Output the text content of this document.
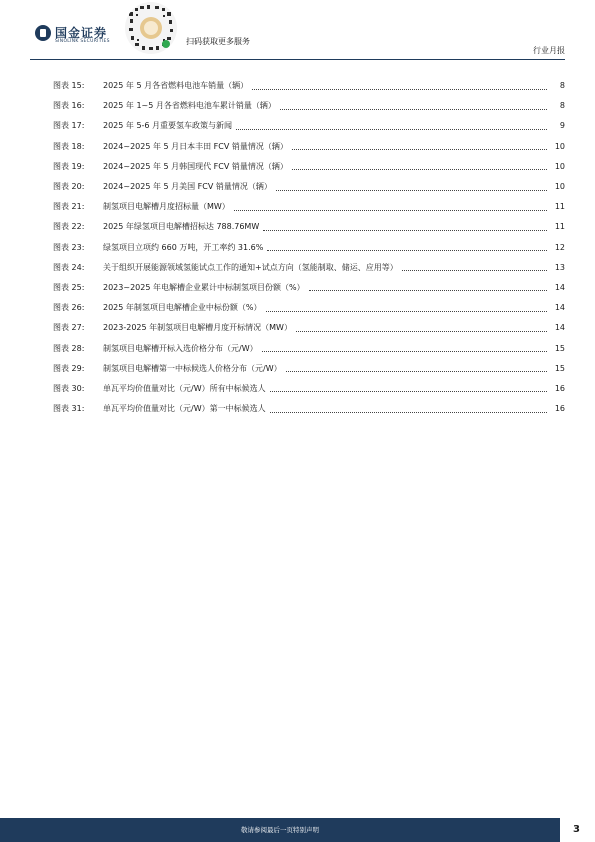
国金证券
SINOLINK SECURITIES	扫码获取更多服务
行业月报
图表 15:	2025 年 5 月各省燃料电池车销量（辆）	8
图表 16:	2025 年 1~5 月各省燃料电池车累计销量（辆）	8
图表 17:	2025 年 5-6 月重要氢车政策与新闻	9
图表 18:	2024~2025 年 5 月日本丰田 FCV 销量情况（辆）	10
图表 19:	2024~2025 年 5 月韩国现代 FCV 销量情况（辆）	10
图表 20:	2024~2025 年 5 月美国 FCV 销量情况（辆）	10
图表 21:	制氢项目电解槽月度招标量（MW）	11
图表 22:	2025 年绿氢项目电解槽招标达 788.76MW	11
图表 23:	绿氢项目立项约 660 万吨，开工率约 31.6%	12
图表 24:	关于组织开展能源领域氢能试点工作的通知+试点方向（氢能制取、储运、应用等）	13
图表 25:	2023~2025 年电解槽企业累计中标制氢项目份额（%）	14
图表 26:	2025 年制氢项目电解槽企业中标份额（%）	14
图表 27:	2023-2025 年制氢项目电解槽月度开标情况（MW）	14
图表 28:	制氢项目电解槽开标入选价格分布（元/W）	15
图表 29:	制氢项目电解槽第一中标候选人价格分布（元/W）	15
图表 30:	单瓦平均价值量对比（元/W）所有中标候选人	16
图表 31:	单瓦平均价值量对比（元/W）第一中标候选人	16
敬请参阅最后一页特别声明	3
